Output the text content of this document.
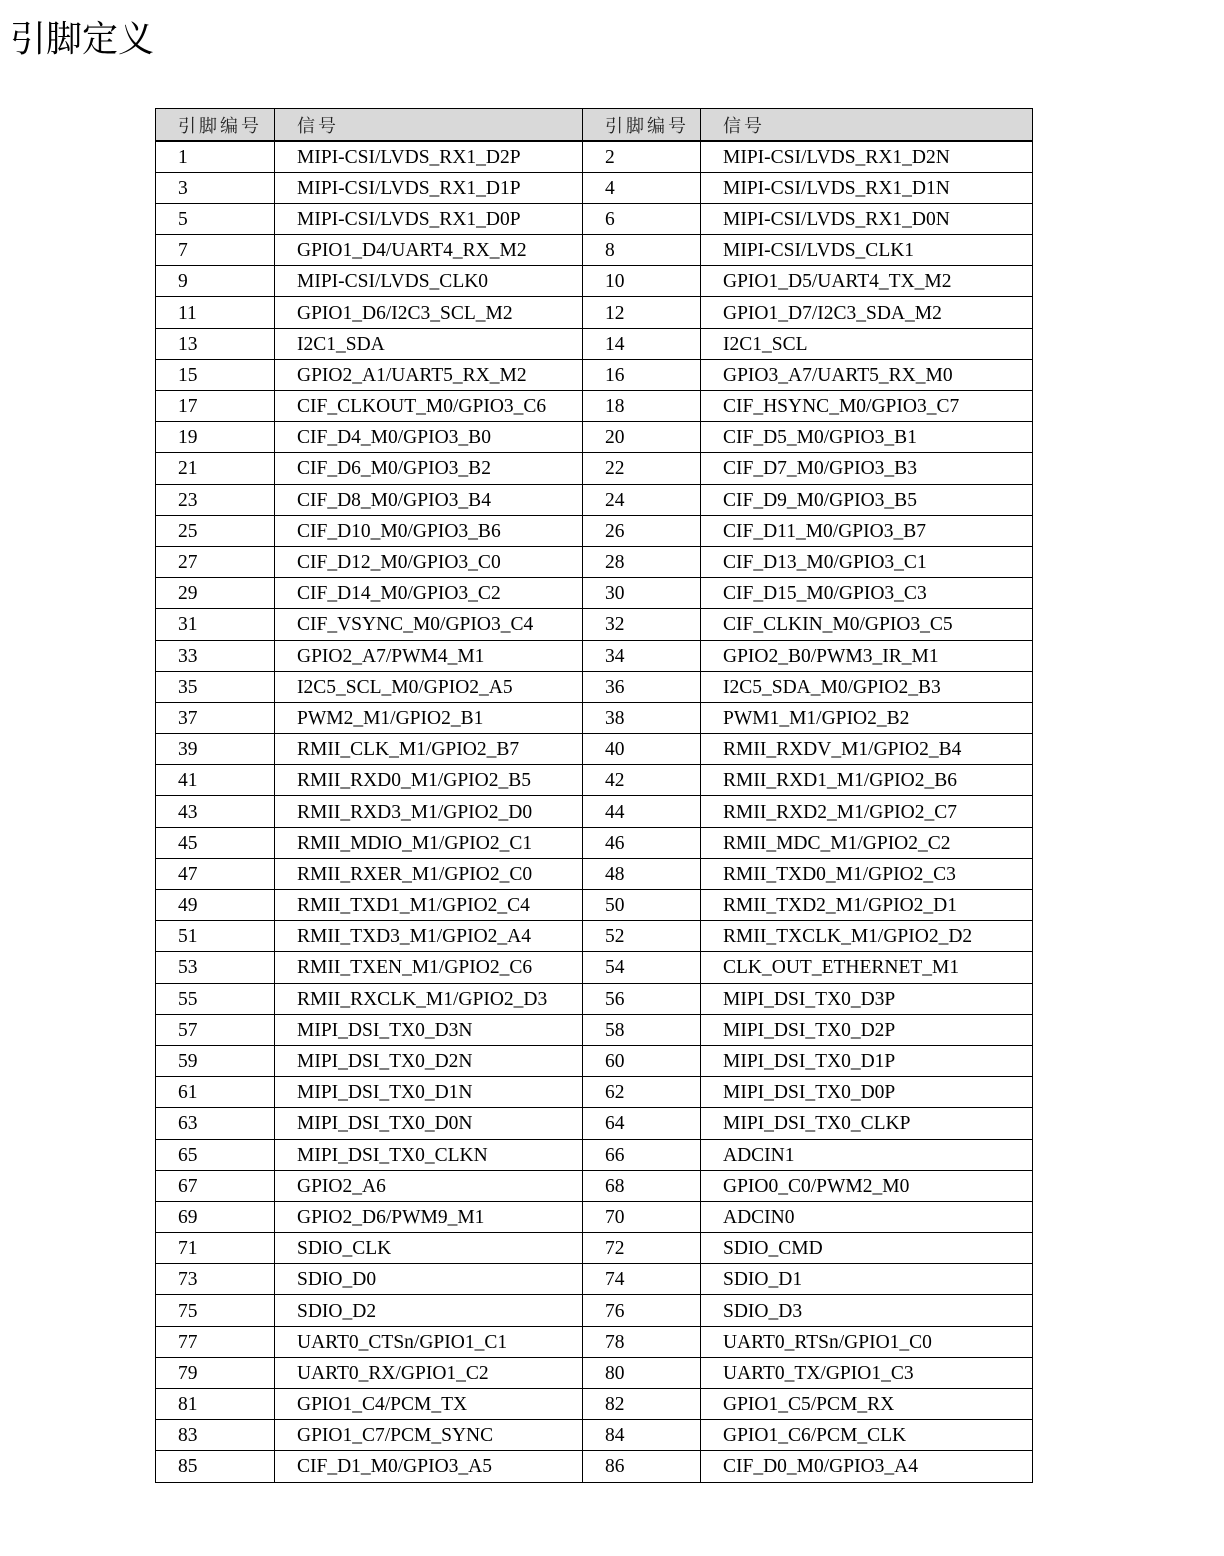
引脚定义
引脚编号	信号	引脚编号	信号
1	MIPI-CSI/LVDS_RX1_D2P	2	MIPI-CSI/LVDS_RX1_D2N
3	MIPI-CSI/LVDS_RX1_D1P	4	MIPI-CSI/LVDS_RX1_D1N
5	MIPI-CSI/LVDS_RX1_D0P	6	MIPI-CSI/LVDS_RX1_D0N
7	GPIO1_D4/UART4_RX_M2	8	MIPI-CSI/LVDS_CLK1
9	MIPI-CSI/LVDS_CLK0	10	GPIO1_D5/UART4_TX_M2
11	GPIO1_D6/I2C3_SCL_M2	12	GPIO1_D7/I2C3_SDA_M2
13	I2C1_SDA	14	I2C1_SCL
15	GPIO2_A1/UART5_RX_M2	16	GPIO3_A7/UART5_RX_M0
17	CIF_CLKOUT_M0/GPIO3_C6	18	CIF_HSYNC_M0/GPIO3_C7
19	CIF_D4_M0/GPIO3_B0	20	CIF_D5_M0/GPIO3_B1
21	CIF_D6_M0/GPIO3_B2	22	CIF_D7_M0/GPIO3_B3
23	CIF_D8_M0/GPIO3_B4	24	CIF_D9_M0/GPIO3_B5
25	CIF_D10_M0/GPIO3_B6	26	CIF_D11_M0/GPIO3_B7
27	CIF_D12_M0/GPIO3_C0	28	CIF_D13_M0/GPIO3_C1
29	CIF_D14_M0/GPIO3_C2	30	CIF_D15_M0/GPIO3_C3
31	CIF_VSYNC_M0/GPIO3_C4	32	CIF_CLKIN_M0/GPIO3_C5
33	GPIO2_A7/PWM4_M1	34	GPIO2_B0/PWM3_IR_M1
35	I2C5_SCL_M0/GPIO2_A5	36	I2C5_SDA_M0/GPIO2_B3
37	PWM2_M1/GPIO2_B1	38	PWM1_M1/GPIO2_B2
39	RMII_CLK_M1/GPIO2_B7	40	RMII_RXDV_M1/GPIO2_B4
41	RMII_RXD0_M1/GPIO2_B5	42	RMII_RXD1_M1/GPIO2_B6
43	RMII_RXD3_M1/GPIO2_D0	44	RMII_RXD2_M1/GPIO2_C7
45	RMII_MDIO_M1/GPIO2_C1	46	RMII_MDC_M1/GPIO2_C2
47	RMII_RXER_M1/GPIO2_C0	48	RMII_TXD0_M1/GPIO2_C3
49	RMII_TXD1_M1/GPIO2_C4	50	RMII_TXD2_M1/GPIO2_D1
51	RMII_TXD3_M1/GPIO2_A4	52	RMII_TXCLK_M1/GPIO2_D2
53	RMII_TXEN_M1/GPIO2_C6	54	CLK_OUT_ETHERNET_M1
55	RMII_RXCLK_M1/GPIO2_D3	56	MIPI_DSI_TX0_D3P
57	MIPI_DSI_TX0_D3N	58	MIPI_DSI_TX0_D2P
59	MIPI_DSI_TX0_D2N	60	MIPI_DSI_TX0_D1P
61	MIPI_DSI_TX0_D1N	62	MIPI_DSI_TX0_D0P
63	MIPI_DSI_TX0_D0N	64	MIPI_DSI_TX0_CLKP
65	MIPI_DSI_TX0_CLKN	66	ADCIN1
67	GPIO2_A6	68	GPIO0_C0/PWM2_M0
69	GPIO2_D6/PWM9_M1	70	ADCIN0
71	SDIO_CLK	72	SDIO_CMD
73	SDIO_D0	74	SDIO_D1
75	SDIO_D2	76	SDIO_D3
77	UART0_CTSn/GPIO1_C1	78	UART0_RTSn/GPIO1_C0
79	UART0_RX/GPIO1_C2	80	UART0_TX/GPIO1_C3
81	GPIO1_C4/PCM_TX	82	GPIO1_C5/PCM_RX
83	GPIO1_C7/PCM_SYNC	84	GPIO1_C6/PCM_CLK
85	CIF_D1_M0/GPIO3_A5	86	CIF_D0_M0/GPIO3_A4
